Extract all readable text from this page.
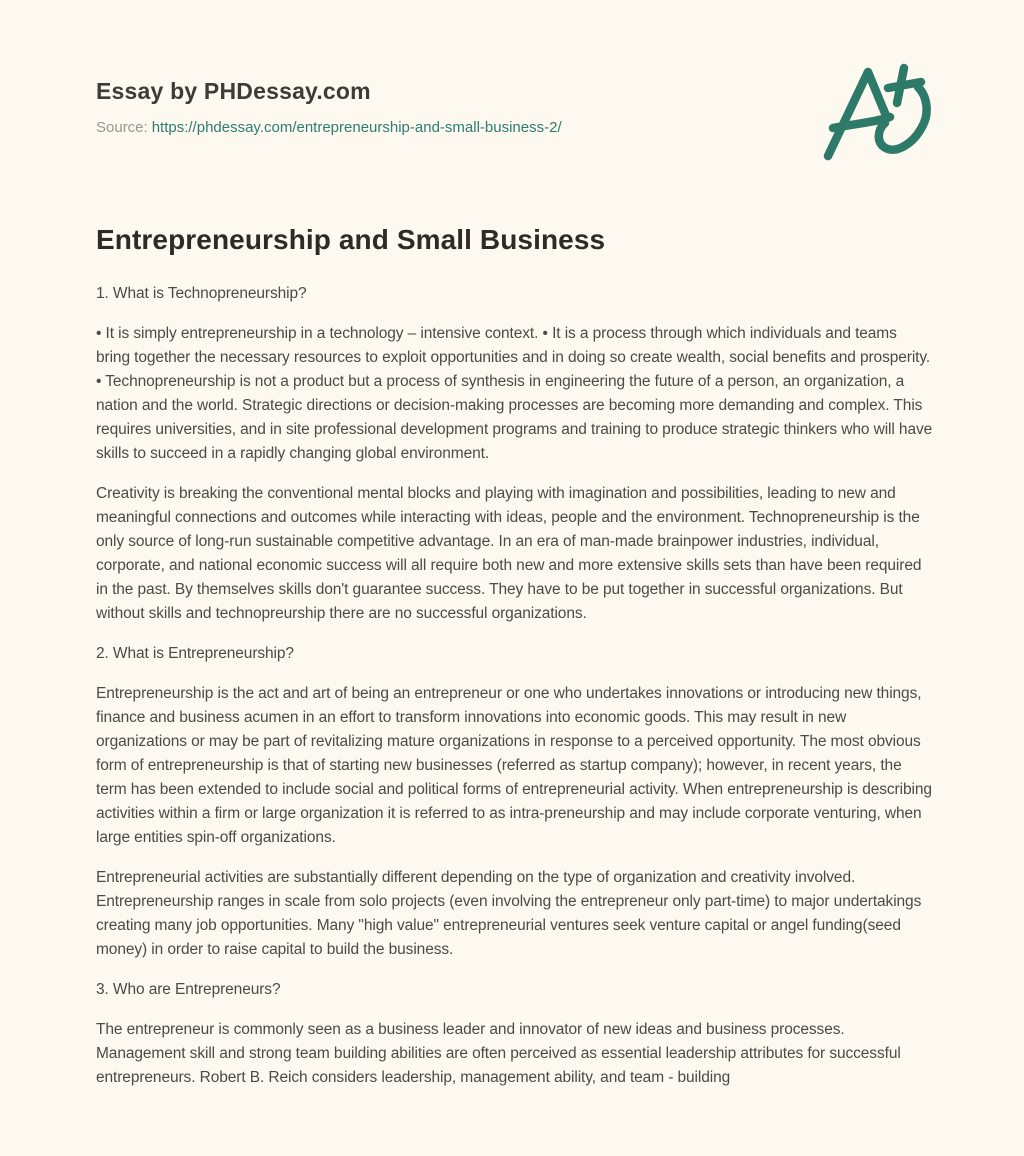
Essay by PHDessay.com
Source: https://phdessay.com/entrepreneurship-and-small-business-2/
Entrepreneurship and Small Business

1. What is Technopreneurship?

• It is simply entrepreneurship in a technology – intensive context. • It is a process through which individuals and teams bring together the necessary resources to exploit opportunities and in doing so create wealth, social benefits and prosperity. • Technopreneurship is not a product but a process of synthesis in engineering the future of a person, an organization, a nation and the world. Strategic directions or decision-making processes are becoming more demanding and complex. This requires universities, and in site professional development programs and training to produce strategic thinkers who will have skills to succeed in a rapidly changing global environment.

Creativity is breaking the conventional mental blocks and playing with imagination and possibilities, leading to new and meaningful connections and outcomes while interacting with ideas, people and the environment. Technopreneurship is the only source of long-run sustainable competitive advantage. In an era of man-made brainpower industries, individual, corporate, and national economic success will all require both new and more extensive skills sets than have been required in the past. By themselves skills don't guarantee success. They have to be put together in successful organizations. But without skills and technopreurship there are no successful organizations.

2. What is Entrepreneurship?

Entrepreneurship is the act and art of being an entrepreneur or one who undertakes innovations or introducing new things, finance and business acumen in an effort to transform innovations into economic goods. This may result in new organizations or may be part of revitalizing mature organizations in response to a perceived opportunity. The most obvious form of entrepreneurship is that of starting new businesses (referred as startup company); however, in recent years, the term has been extended to include social and political forms of entrepreneurial activity. When entrepreneurship is describing activities within a firm or large organization it is referred to as intra-preneurship and may include corporate venturing, when large entities spin-off organizations.

Entrepreneurial activities are substantially different depending on the type of organization and creativity involved. Entrepreneurship ranges in scale from solo projects (even involving the entrepreneur only part-time) to major undertakings creating many job opportunities. Many "high value" entrepreneurial ventures seek venture capital or angel funding(seed money) in order to raise capital to build the business.

3. Who are Entrepreneurs?

The entrepreneur is commonly seen as a business leader and innovator of new ideas and business processes. Management skill and strong team building abilities are often perceived as essential leadership attributes for successful entrepreneurs. Robert B. Reich considers leadership, management ability, and team - building
